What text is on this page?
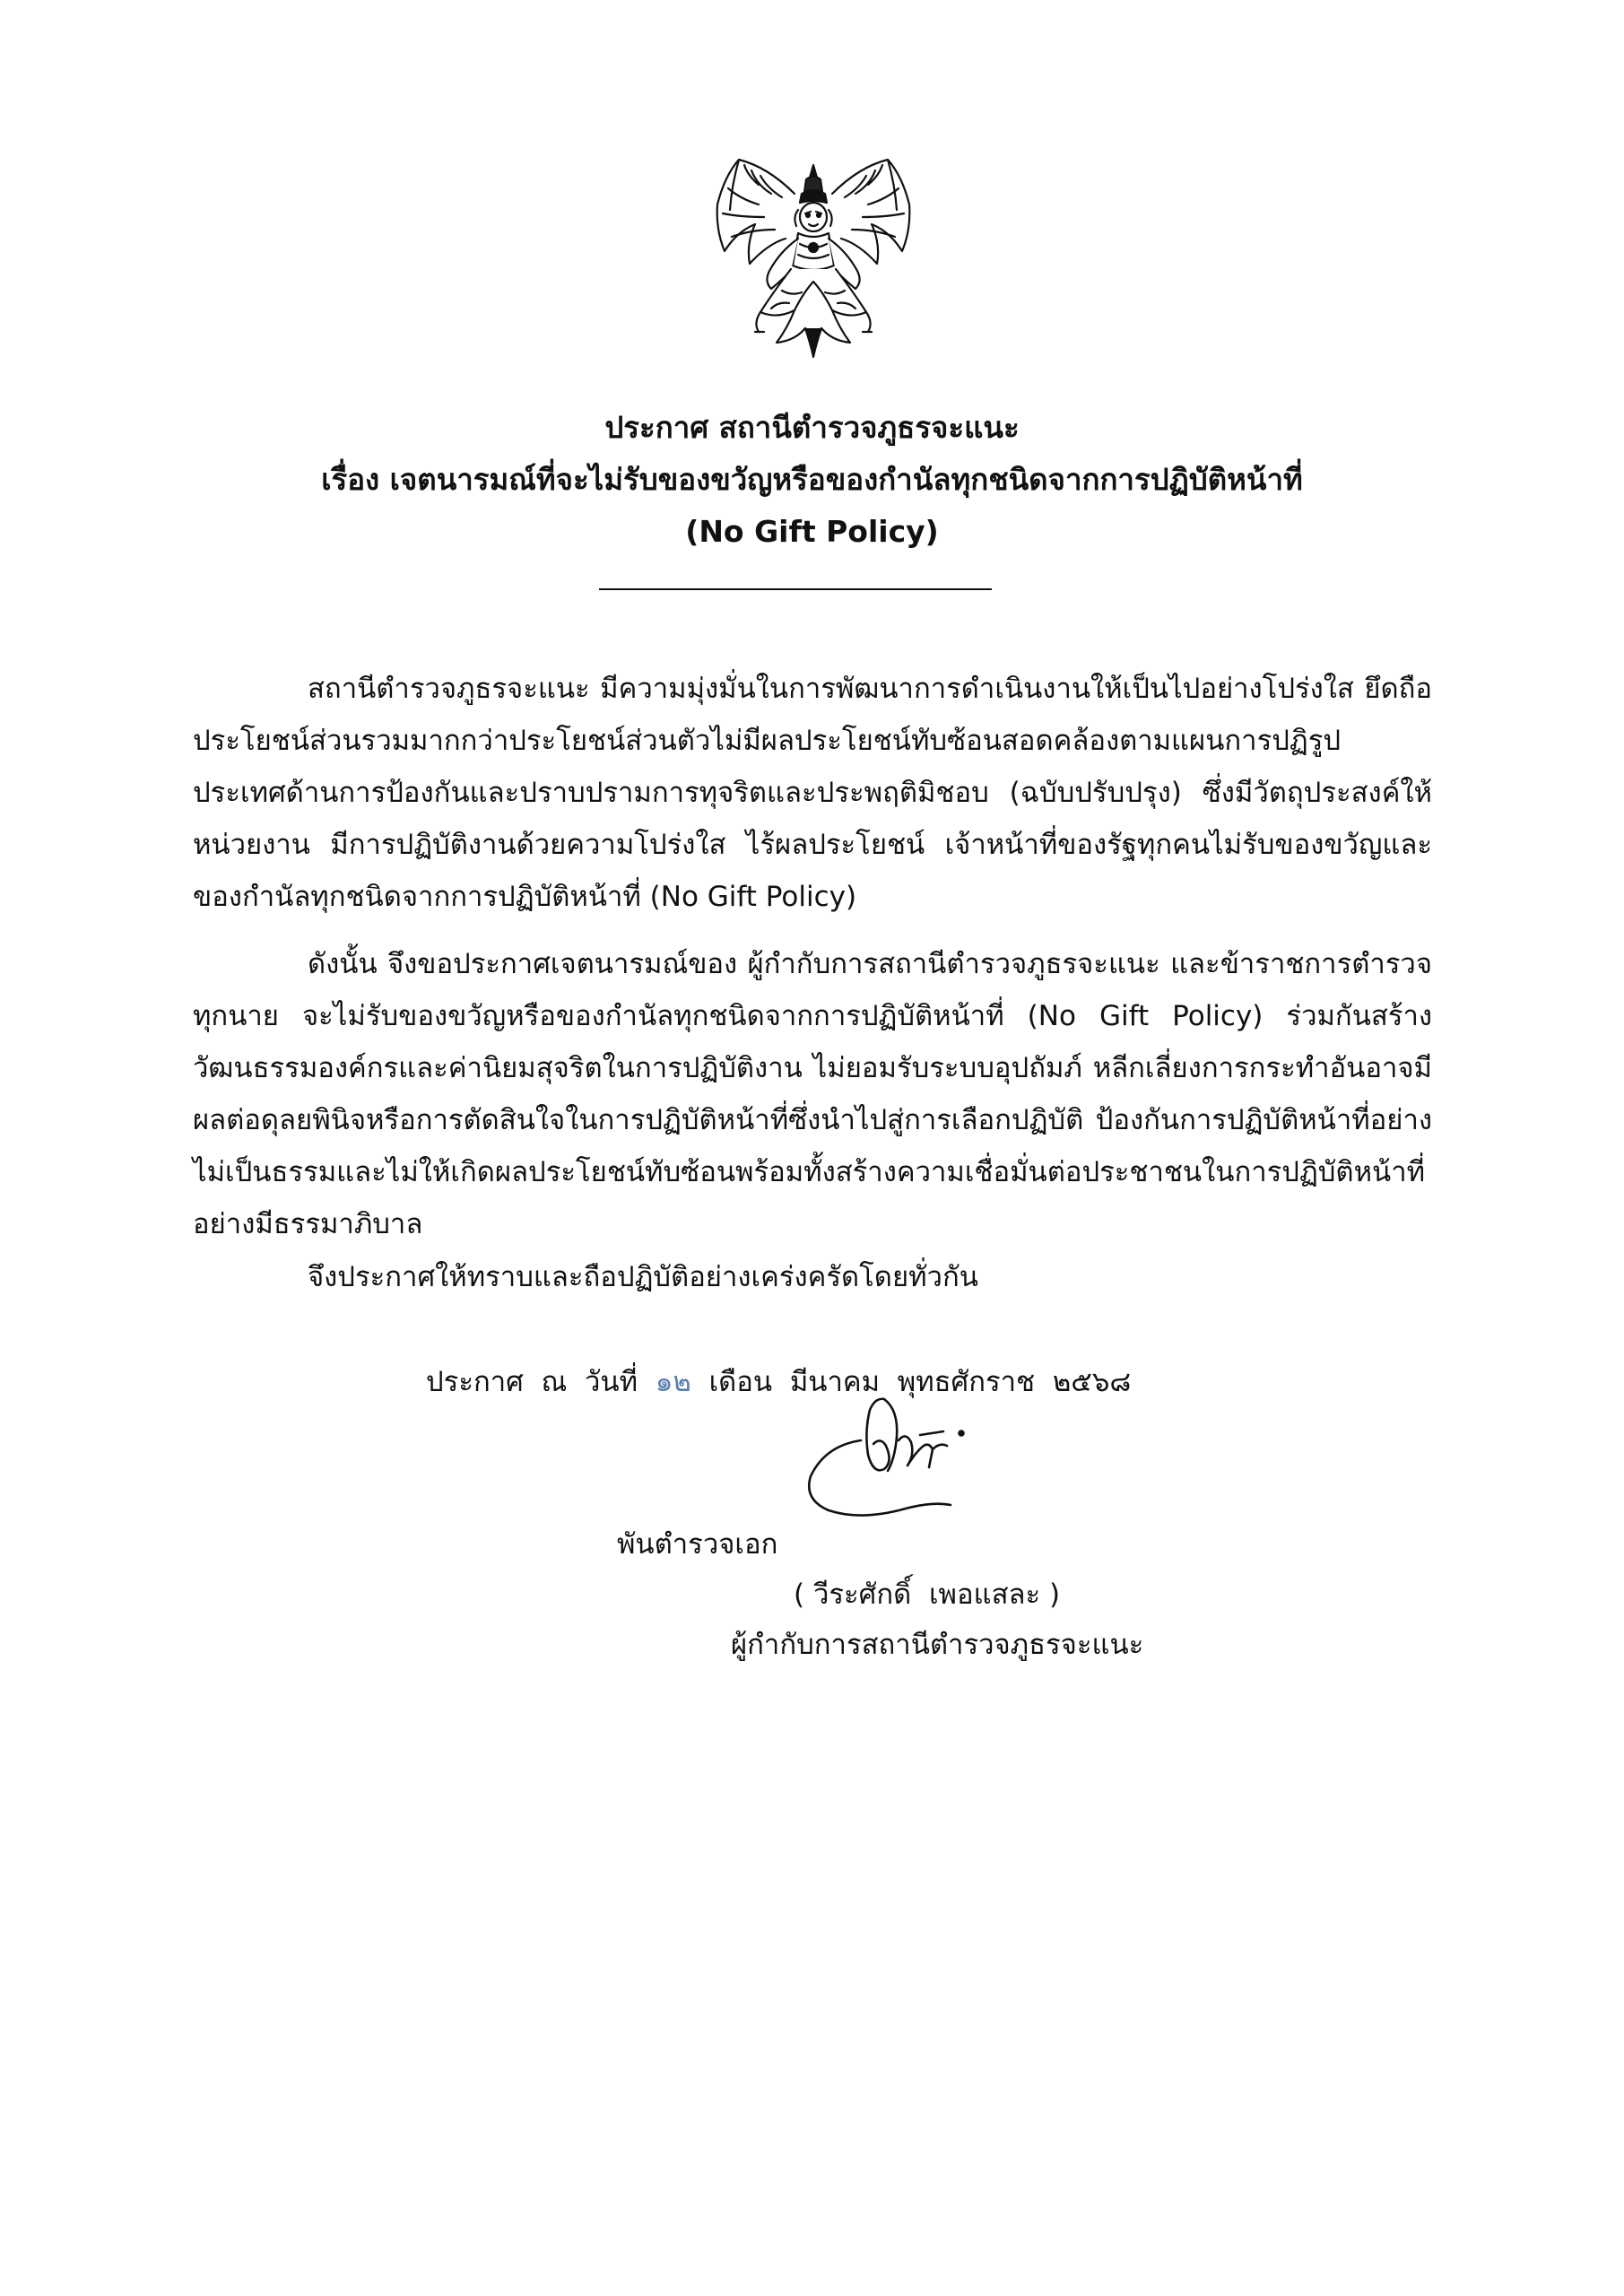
ประกาศ สถานีตำรวจภูธรจะแนะ
เรื่อง เจตนารมณ์ที่จะไม่รับของขวัญหรือของกำนัลทุกชนิดจากการปฏิบัติหน้าที่
(No Gift Policy)
สถานีตำรวจภูธรจะแนะ มีความมุ่งมั่นในการพัฒนาการดำเนินงานให้เป็นไปอย่างโปร่งใส ยึดถือประโยชน์ส่วนรวมมากกว่าประโยชน์ส่วนตัวไม่มีผลประโยชน์ทับซ้อนสอดคล้องตามแผนการปฏิรูปประเทศด้านการป้องกันและปราบปรามการทุจริตและประพฤติมิชอบ (ฉบับปรับปรุง) ซึ่งมีวัตถุประสงค์ให้หน่วยงาน มีการปฏิบัติงานด้วยความโปร่งใส ไร้ผลประโยชน์ เจ้าหน้าที่ของรัฐทุกคนไม่รับของขวัญและของกำนัลทุกชนิดจากการปฏิบัติหน้าที่ (No Gift Policy)
ดังนั้น จึงขอประกาศเจตนารมณ์ของ ผู้กำกับการสถานีตำรวจภูธรจะแนะ และข้าราชการตำรวจทุกนาย จะไม่รับของขวัญหรือของกำนัลทุกชนิดจากการปฏิบัติหน้าที่ (No Gift Policy) ร่วมกันสร้างวัฒนธรรมองค์กรและค่านิยมสุจริตในการปฏิบัติงาน ไม่ยอมรับระบบอุปถัมภ์ หลีกเลี่ยงการกระทำอันอาจมีผลต่อดุลยพินิจหรือการตัดสินใจในการปฏิบัติหน้าที่ซึ่งนำไปสู่การเลือกปฏิบัติ ป้องกันการปฏิบัติหน้าที่อย่างไม่เป็นธรรมและไม่ให้เกิดผลประโยชน์ทับซ้อนพร้อมทั้งสร้างความเชื่อมั่นต่อประชาชนในการปฏิบัติหน้าที่อย่างมีธรรมาภิบาล
จึงประกาศให้ทราบและถือปฏิบัติอย่างเคร่งครัดโดยทั่วกัน
ประกาศ  ณ  วันที่  ๑๒  เดือน  มีนาคม  พุทธศักราช  ๒๕๖๘
พันตำรวจเอก
( วีระศักดิ์  เพอแสละ )
ผู้กำกับการสถานีตำรวจภูธรจะแนะ
